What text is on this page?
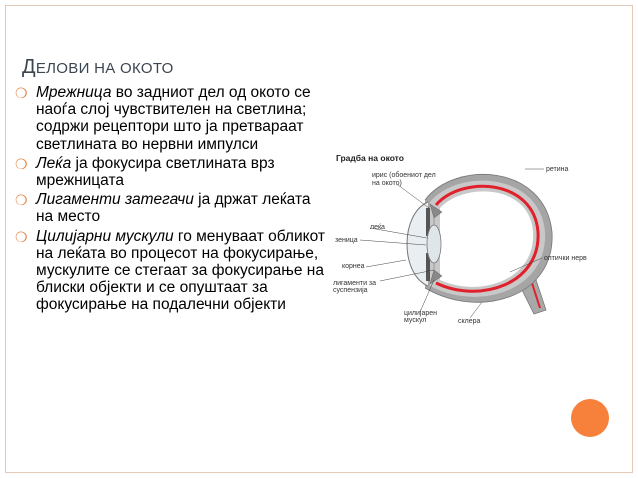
ДЕЛОВИ НА ОКОТО
❍ Мрежница во задниот дел од окото се наоѓа слој чувствителен на светлина; содржи рецептори што ја претвараат светлината во нервни импулси
❍ Леќа ја фокусира светлината врз мрежницата
❍ Лигаменти затегачи ја држат леќата на место
❍ Цилијарни мускули го менуваат обликот на леќата во процесот на фокусирање, мускулите се стегаат за фокусирање на блиски објекти и се опуштаат за фокусирање на подалечни објекти
Градба на окото
ретина
ирис (обоениот дел
на окото)
леќа
зеница
корнеа
лигаменти за
суспензија
оптички нерв
цилијарен
мускул	склера
